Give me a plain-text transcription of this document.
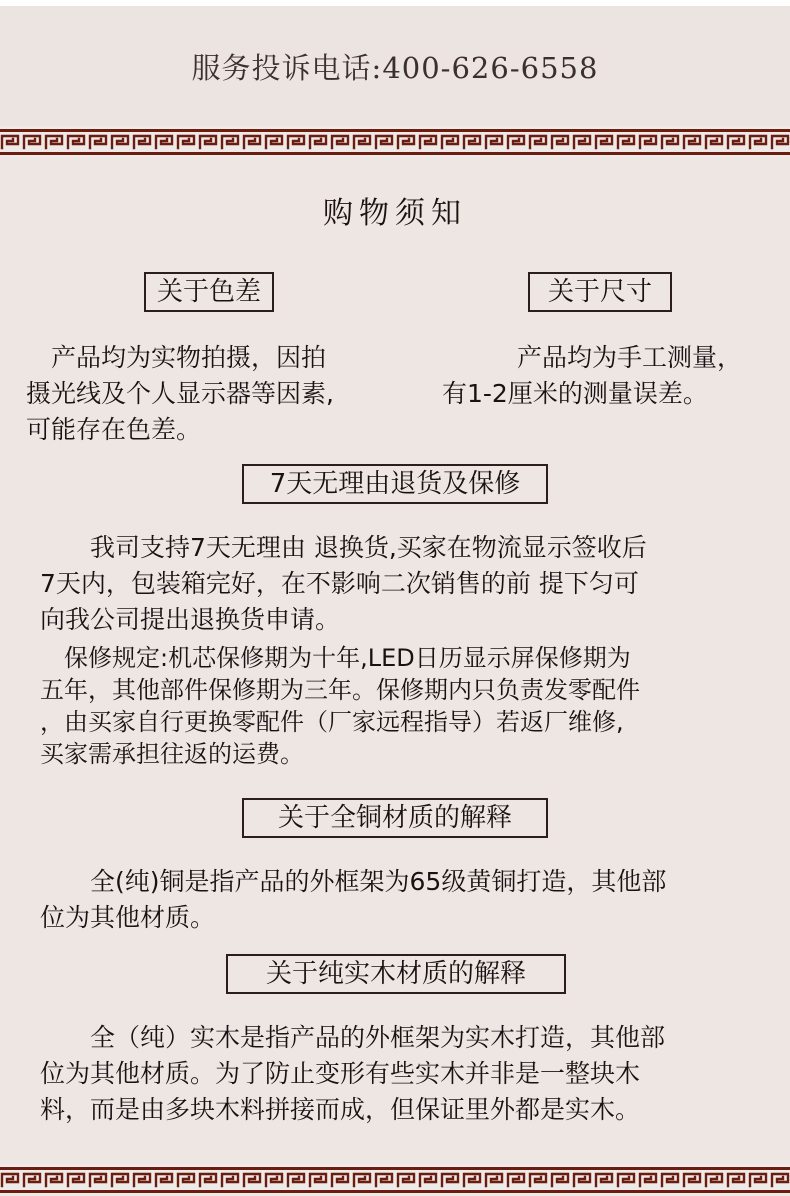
服务投诉电话:400-626-6558
购物须知
关于色差
　产品均为实物拍摄，因拍
摄光线及个人显示器等因素,
可能存在色差。
关于尺寸
　　　产品均为手工测量，
有1-2厘米的测量误差。
7天无理由退货及保修
　　我司支持7天无理由 退换货,买家在物流显示签收后
7天内，包装箱完好，在不影响二次销售的前 提下匀可
向我公司提出退换货申请。
　保修规定:机芯保修期为十年,LED日历显示屏保修期为
五年，其他部件保修期为三年。保修期内只负责发零配件
，由买家自行更换零配件（厂家远程指导）若返厂维修,
买家需承担往返的运费。
关于全铜材质的解释
　　全(纯)铜是指产品的外框架为65级黄铜打造，其他部
位为其他材质。
关于纯实木材质的解释
　　全（纯）实木是指产品的外框架为实木打造，其他部
位为其他材质。为了防止变形有些实木并非是一整块木
料，而是由多块木料拼接而成，但保证里外都是实木。
